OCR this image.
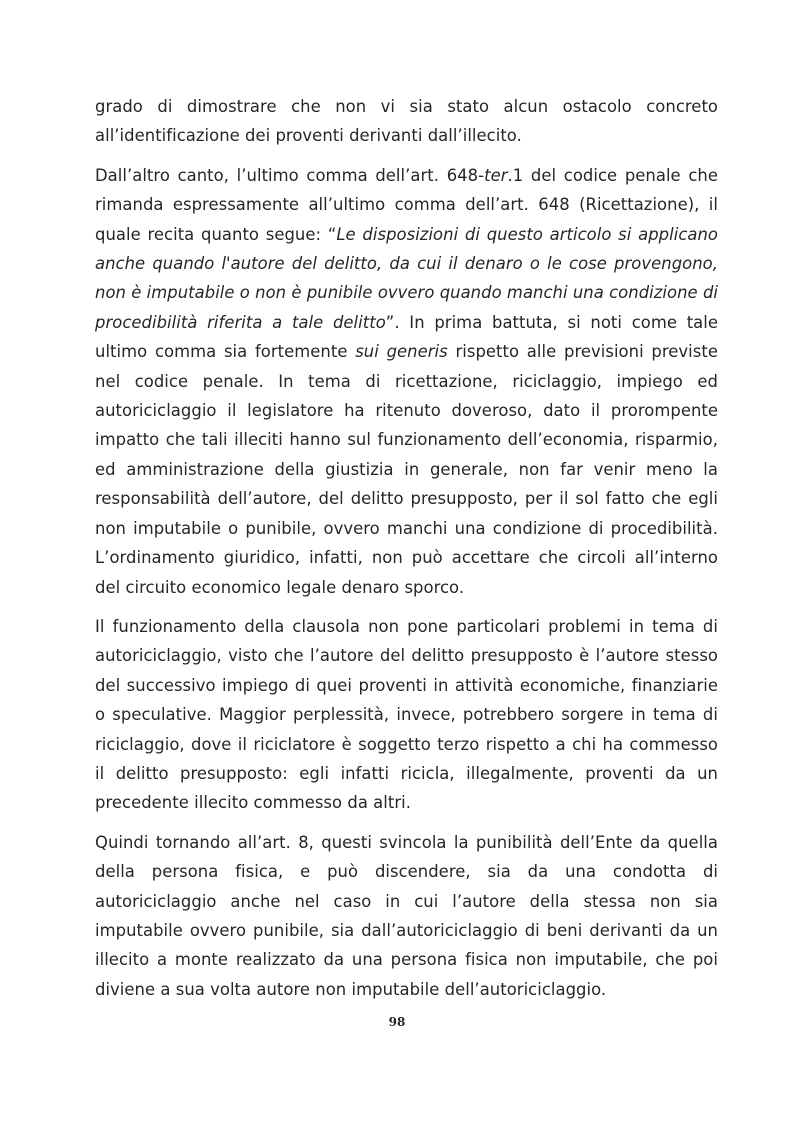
grado di dimostrare che non vi sia stato alcun ostacolo concreto all’identificazione dei proventi derivanti dall’illecito.

Dall’altro canto, l’ultimo comma dell’art. 648-ter.1 del codice penale che rimanda espressamente all’ultimo comma dell’art. 648 (Ricettazione), il quale recita quanto segue: “Le disposizioni di questo articolo si applicano anche quando l'autore del delitto, da cui il denaro o le cose provengono, non è imputabile o non è punibile ovvero quando manchi una condizione di procedibilità riferita a tale delitto”. In prima battuta, si noti come tale ultimo comma sia fortemente sui generis rispetto alle previsioni previste nel codice penale. In tema di ricettazione, riciclaggio, impiego ed autoriciclaggio il legislatore ha ritenuto doveroso, dato il prorompente impatto che tali illeciti hanno sul funzionamento dell’economia, risparmio, ed amministrazione della giustizia in generale, non far venir meno la responsabilità dell’autore, del delitto presupposto, per il sol fatto che egli non imputabile o punibile, ovvero manchi una condizione di procedibilità. L’ordinamento giuridico, infatti, non può accettare che circoli all’interno del circuito economico legale denaro sporco.

Il funzionamento della clausola non pone particolari problemi in tema di autoriciclaggio, visto che l’autore del delitto presupposto è l’autore stesso del successivo impiego di quei proventi in attività economiche, finanziarie o speculative. Maggior perplessità, invece, potrebbero sorgere in tema di riciclaggio, dove il riciclatore è soggetto terzo rispetto a chi ha commesso il delitto presupposto: egli infatti ricicla, illegalmente, proventi da un precedente illecito commesso da altri.

Quindi tornando all’art. 8, questi svincola la punibilità dell’Ente da quella della persona fisica, e può discendere, sia da una condotta di autoriciclaggio anche nel caso in cui l’autore della stessa non sia imputabile ovvero punibile, sia dall’autoriciclaggio di beni derivanti da un illecito a monte realizzato da una persona fisica non imputabile, che poi diviene a sua volta autore non imputabile dell’autoriciclaggio.

98
